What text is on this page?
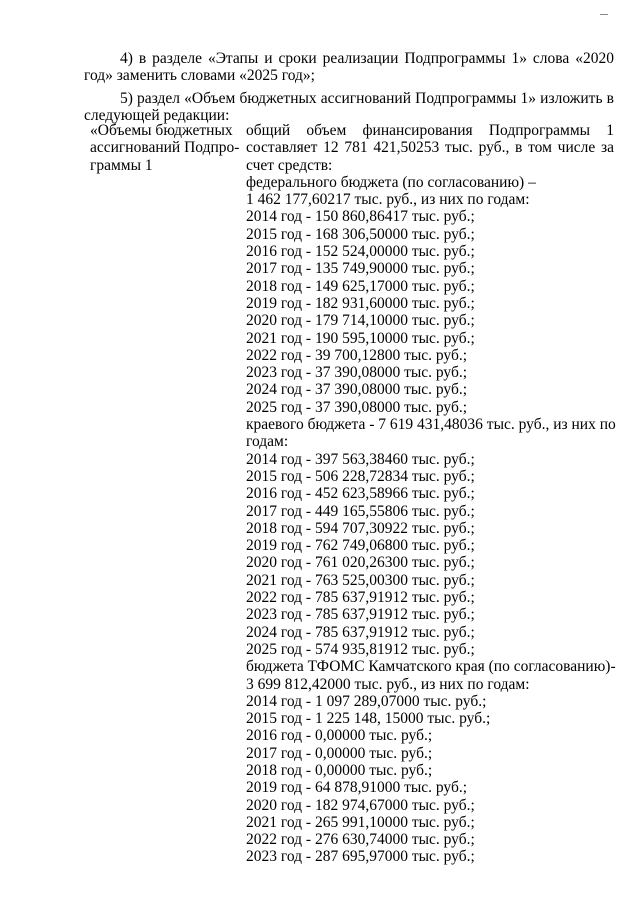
4) в разделе «Этапы и сроки реализации Подпрограммы 1» слова «2020 год» заменить словами «2025 год»;
5) раздел «Объем бюджетных ассигнований Подпрограммы 1» изложить в следующей редакции:
«Объемы бюджетных ассигнований Подпро- граммы 1
общий объем финансирования Подпрограммы 1 составляет 12 781 421,50253 тыс. руб., в том числе за счет средств:
федерального бюджета (по согласованию) –
1 462 177,60217 тыс. руб., из них по годам:
2014 год - 150 860,86417 тыс. руб.;
2015 год - 168 306,50000 тыс. руб.;
2016 год - 152 524,00000 тыс. руб.;
2017 год - 135 749,90000 тыс. руб.;
2018 год - 149 625,17000 тыс. руб.;
2019 год - 182 931,60000 тыс. руб.;
2020 год - 179 714,10000 тыс. руб.;
2021 год - 190 595,10000 тыс. руб.;
2022 год - 39 700,12800 тыс. руб.;
2023 год - 37 390,08000 тыс. руб.;
2024 год - 37 390,08000 тыс. руб.;
2025 год - 37 390,08000 тыс. руб.;
краевого бюджета - 7 619 431,48036 тыс. руб., из них по
годам:
2014 год - 397 563,38460 тыс. руб.;
2015 год - 506 228,72834 тыс. руб.;
2016 год - 452 623,58966 тыс. руб.;
2017 год - 449 165,55806 тыс. руб.;
2018 год - 594 707,30922 тыс. руб.;
2019 год - 762 749,06800 тыс. руб.;
2020 год - 761 020,26300 тыс. руб.;
2021 год - 763 525,00300 тыс. руб.;
2022 год - 785 637,91912 тыс. руб.;
2023 год - 785 637,91912 тыс. руб.;
2024 год - 785 637,91912 тыс. руб.;
2025 год - 574 935,81912 тыс. руб.;
бюджета ТФОМС Камчатского края (по согласованию)-
3 699 812,42000 тыс. руб., из них по годам:
2014 год - 1 097 289,07000 тыс. руб.;
2015 год - 1 225 148, 15000 тыс. руб.;
2016 год - 0,00000 тыс. руб.;
2017 год - 0,00000 тыс. руб.;
2018 год - 0,00000 тыс. руб.;
2019 год - 64 878,91000 тыс. руб.;
2020 год - 182 974,67000 тыс. руб.;
2021 год - 265 991,10000 тыс. руб.;
2022 год - 276 630,74000 тыс. руб.;
2023 год - 287 695,97000 тыс. руб.;
